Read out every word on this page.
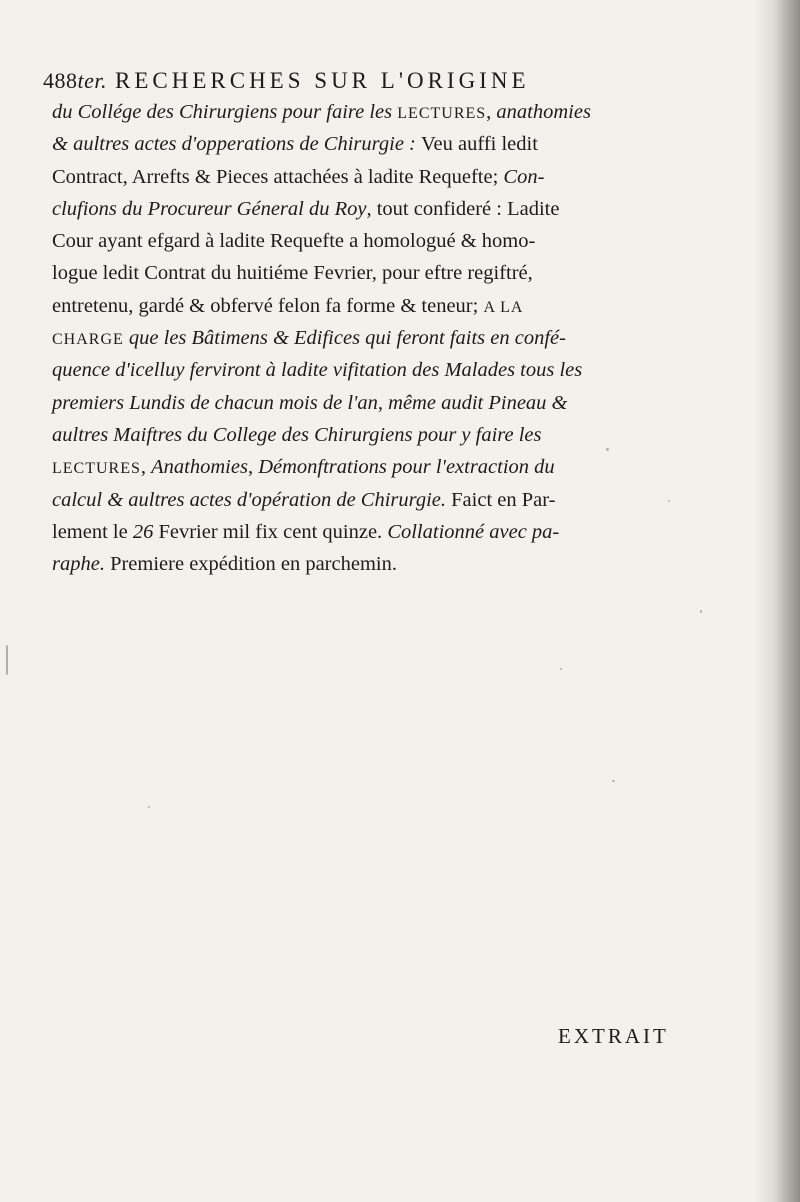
488ter. RECHERCHES SUR L'ORIGINE
du Collége des Chirurgiens pour faire les LECTURES, anathomies
& aultres actes d'opperations de Chirurgie : Veu auffi ledit
Contract, Arrefts & Pieces attachées à ladite Requefte; Con-
clufions du Procureur Géneral du Roy, tout confideré : Ladite
Cour ayant efgard à ladite Requefte a homologué & homo-
logue ledit Contrat du huitiéme Fevrier, pour eftre regiftré,
entretenu, gardé & obfervé felon fa forme & teneur; A LA
CHARGE que les Bâtimens & Edifices qui feront faits en confé-
quence d'icelluy ferviront à ladite vifitation des Malades tous les
premiers Lundis de chacun mois de l'an, même audit Pineau &
aultres Maiftres du College des Chirurgiens pour y faire les
LECTURES, Anathomies, Démonftrations pour l'extraction du
calcul & aultres actes d'opération de Chirurgie. Faict en Par-
lement le 26 Fevrier mil fix cent quinze. Collationné avec pa-
raphe. Premiere expédition en parchemin.
EXTRAIT
